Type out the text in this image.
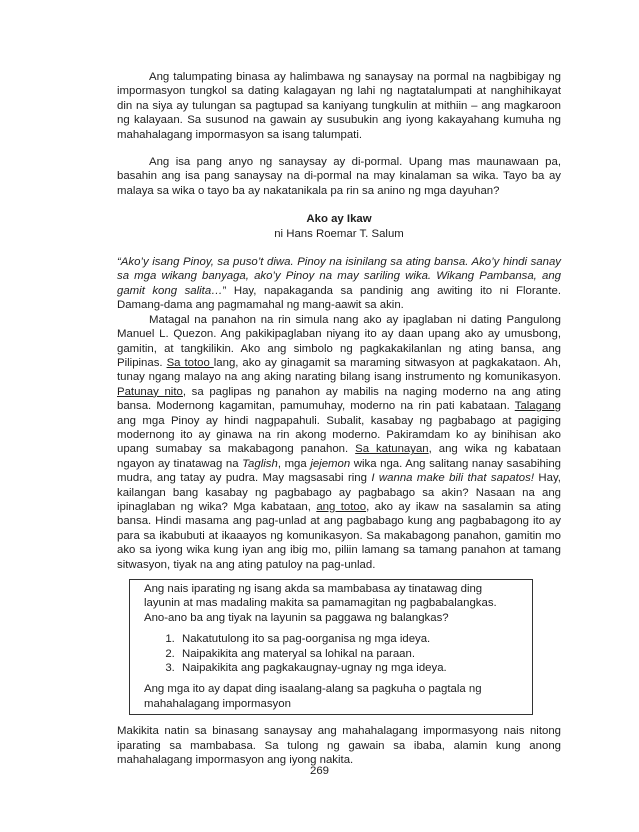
Ang talumpating binasa ay halimbawa ng sanaysay na pormal na nagbibigay ng impormasyon tungkol sa dating kalagayan ng lahi ng nagtatalumpati at nanghihikayat din na siya ay tulungan sa pagtupad sa kaniyang tungkulin at mithiin – ang magkaroon ng kalayaan. Sa susunod na gawain ay susubukin ang iyong kakayahang kumuha ng mahahalagang impormasyon sa isang talumpati.

Ang isa pang anyo ng sanaysay ay di-pormal. Upang mas maunawaan pa, basahin ang isa pang sanaysay na di-pormal na may kinalaman sa wika. Tayo ba ay malaya sa wika o tayo ba ay nakatanikala pa rin sa anino ng mga dayuhan?

Ako ay Ikaw
ni Hans Roemar T. Salum

“Ako’y isang Pinoy, sa puso’t diwa. Pinoy na isinilang sa ating bansa. Ako’y hindi sanay sa mga wikang banyaga, ako’y Pinoy na may sariling wika. Wikang Pambansa, ang gamit kong salita…” Hay, napakaganda sa pandinig ang awiting ito ni Florante. Damang-dama ang pagmamahal ng mang-aawit sa akin.

Matagal na panahon na rin simula nang ako ay ipaglaban ni dating Pangulong Manuel L. Quezon. Ang pakikipaglaban niyang ito ay daan upang ako ay umusbong, gamitin, at tangkilikin. Ako ang simbolo ng pagkakakilanlan ng ating bansa, ang Pilipinas. Sa totoo lang, ako ay ginagamit sa maraming sitwasyon at pagkakataon. Ah, tunay ngang malayo na ang aking narating bilang isang instrumento ng komunikasyon. Patunay nito, sa paglipas ng panahon ay mabilis na naging moderno na ang ating bansa. Modernong kagamitan, pamumuhay, moderno na rin pati kabataan. Talagang ang mga Pinoy ay hindi nagpapahuli. Subalit, kasabay ng pagbabago at pagiging modernong ito ay ginawa na rin akong moderno. Pakiramdam ko ay binihisan ako upang sumabay sa makabagong panahon. Sa katunayan, ang wika ng kabataan ngayon ay tinatawag na Taglish, mga jejemon wika nga. Ang salitang nanay sasabihing mudra, ang tatay ay pudra. May magsasabi ring I wanna make bili that sapatos! Hay, kailangan bang kasabay ng pagbabago ay pagbabago sa akin? Nasaan na ang ipinaglaban ng wika? Mga kabataan, ang totoo, ako ay ikaw na sasalamin sa ating bansa. Hindi masama ang pag-unlad at ang pagbabago kung ang pagbabagong ito ay para sa ikabubuti at ikaaayos ng komunikasyon. Sa makabagong panahon, gamitin mo ako sa iyong wika kung iyan ang ibig mo, piliin lamang sa tamang panahon at tamang sitwasyon, tiyak na ang ating patuloy na pag-unlad.

Ang nais iparating ng isang akda sa mambabasa ay tinatawag ding layunin at mas madaling makita sa pamamagitan ng pagbabalangkas. Ano-ano ba ang tiyak na layunin sa paggawa ng balangkas?

1. Nakatutulong ito sa pag-oorganisa ng mga ideya.
2. Naipakikita ang materyal sa lohikal na paraan.
3. Naipakikita ang pagkakaugnay-ugnay ng mga ideya.

Ang mga ito ay dapat ding isaalang-alang sa pagkuha o pagtala ng mahahalagang impormasyon

Makikita natin sa binasang sanaysay ang mahahalagang impormasyong nais nitong iparating sa mambabasa. Sa tulong ng gawain sa ibaba, alamin kung anong mahahalagang impormasyon ang iyong nakita.

269
